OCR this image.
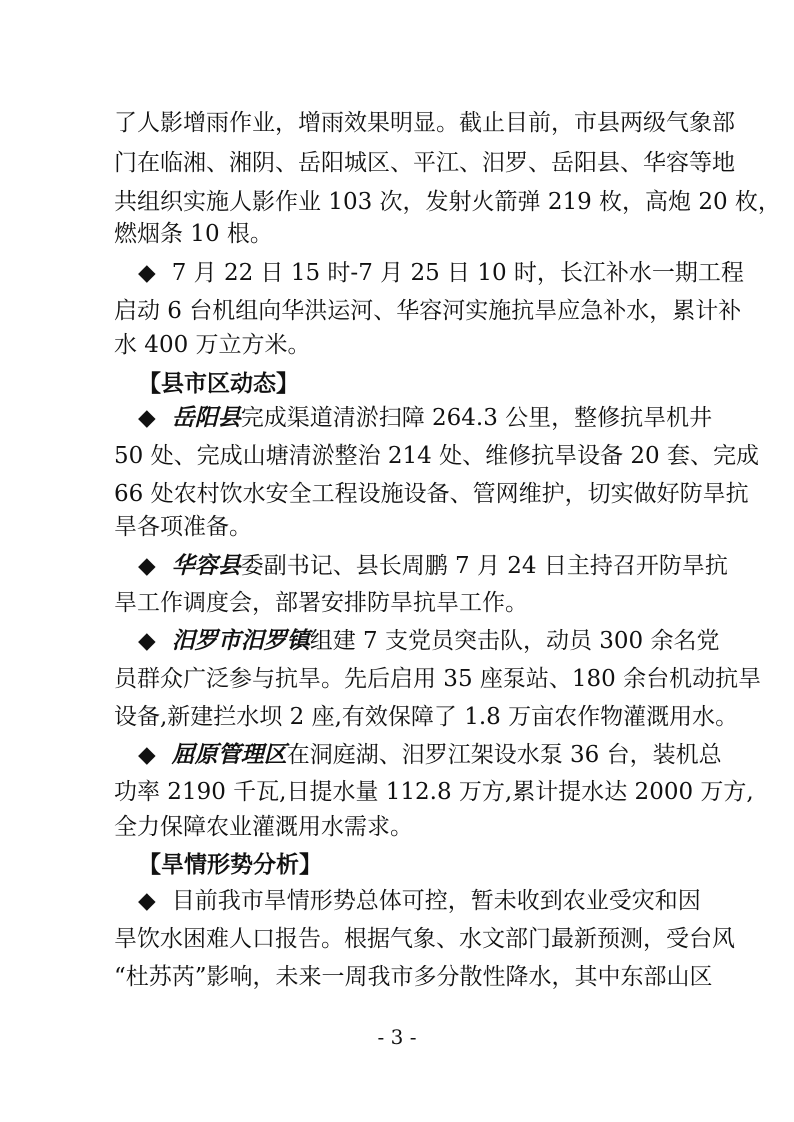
了人影增雨作业，增雨效果明显。截止目前，市县两级气象部
门在临湘、湘阴、岳阳城区、平江、汨罗、岳阳县、华容等地
共组织实施人影作业 103 次，发射火箭弹 219 枚，高炮 20 枚，
燃烟条 10 根。
◆ 7 月 22 日 15 时-7 月 25 日 10 时，长江补水一期工程
启动 6 台机组向华洪运河、华容河实施抗旱应急补水，累计补
水 400 万立方米。
【县市区动态】
◆ 岳阳县完成渠道清淤扫障 264.3 公里，整修抗旱机井
50 处、完成山塘清淤整治 214 处、维修抗旱设备 20 套、完成
66 处农村饮水安全工程设施设备、管网维护，切实做好防旱抗
旱各项准备。
◆ 华容县委副书记、县长周鹏 7 月 24 日主持召开防旱抗
旱工作调度会，部署安排防旱抗旱工作。
◆ 汨罗市汨罗镇组建 7 支党员突击队，动员 300 余名党
员群众广泛参与抗旱。先后启用 35 座泵站、180 余台机动抗旱
设备,新建拦水坝 2 座,有效保障了 1.8 万亩农作物灌溉用水。
◆ 屈原管理区在洞庭湖、汨罗江架设水泵 36 台，装机总
功率 2190 千瓦,日提水量 112.8 万方,累计提水达 2000 万方,
全力保障农业灌溉用水需求。
【旱情形势分析】
◆ 目前我市旱情形势总体可控，暂未收到农业受灾和因
旱饮水困难人口报告。根据气象、水文部门最新预测，受台风
“杜苏芮”影响，未来一周我市多分散性降水，其中东部山区
- 3 -
